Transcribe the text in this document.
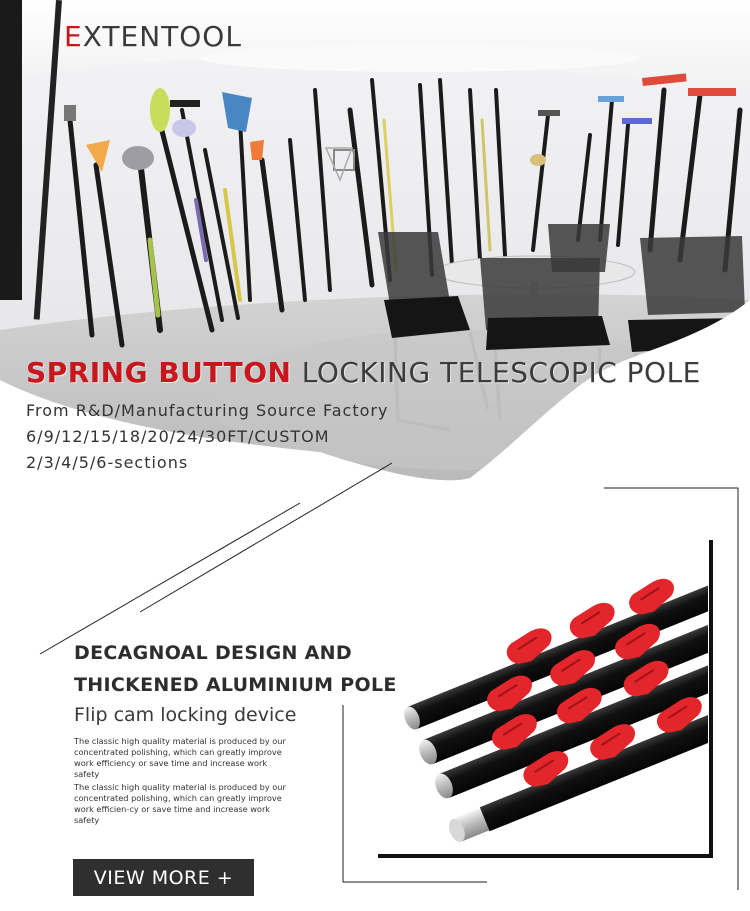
EXTENTOOL
SPRING BUTTON LOCKING TELESCOPIC POLE
From R&D/Manufacturing Source Factory
6/9/12/15/18/20/24/30FT/CUSTOM
2/3/4/5/6-sections
DECAGNOAL DESIGN AND
THICKENED ALUMINIUM POLE
Flip cam locking device
The classic high quality material is produced by our concentrated polishing, which can greatly improve work efficiency or save time and increase work safety
The classic high quality material is produced by our concentrated polishing, which can greatly improve work efficien-cy or save time and increase work safety
VIEW MORE +
